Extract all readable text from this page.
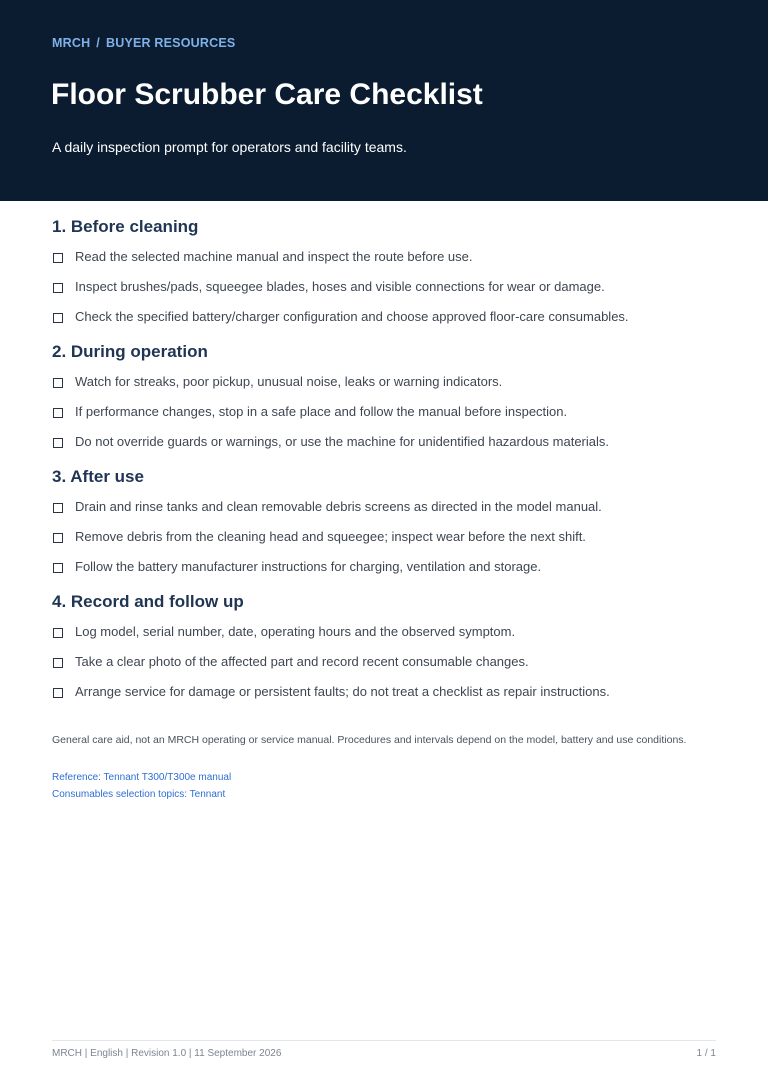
MRCH / BUYER RESOURCES
Floor Scrubber Care Checklist
A daily inspection prompt for operators and facility teams.
1. Before cleaning
Read the selected machine manual and inspect the route before use.
Inspect brushes/pads, squeegee blades, hoses and visible connections for wear or damage.
Check the specified battery/charger configuration and choose approved floor-care consumables.
2. During operation
Watch for streaks, poor pickup, unusual noise, leaks or warning indicators.
If performance changes, stop in a safe place and follow the manual before inspection.
Do not override guards or warnings, or use the machine for unidentified hazardous materials.
3. After use
Drain and rinse tanks and clean removable debris screens as directed in the model manual.
Remove debris from the cleaning head and squeegee; inspect wear before the next shift.
Follow the battery manufacturer instructions for charging, ventilation and storage.
4. Record and follow up
Log model, serial number, date, operating hours and the observed symptom.
Take a clear photo of the affected part and record recent consumable changes.
Arrange service for damage or persistent faults; do not treat a checklist as repair instructions.
General care aid, not an MRCH operating or service manual. Procedures and intervals depend on the model, battery and use conditions.
Reference: Tennant T300/T300e manual
Consumables selection topics: Tennant
MRCH | English | Revision 1.0 | 11 September 2026	1 / 1
